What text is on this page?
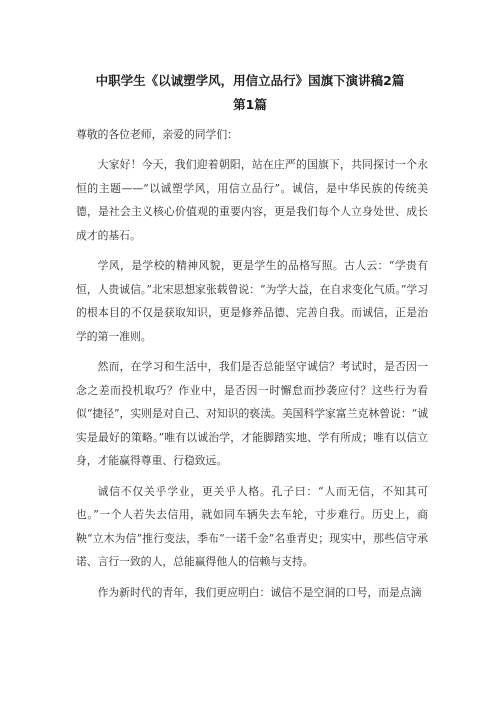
中职学生《以诚塑学风，用信立品行》国旗下演讲稿2篇
第1篇

尊敬的各位老师，亲爱的同学们：

大家好！今天，我们迎着朝阳，站在庄严的国旗下，共同探讨一个永恒的主题——“以诚塑学风，用信立品行”。诚信，是中华民族的传统美德，是社会主义核心价值观的重要内容，更是我们每个人立身处世、成长成才的基石。

学风，是学校的精神风貌，更是学生的品格写照。古人云：“学贵有恒，人贵诚信。”北宋思想家张载曾说：“为学大益，在自求变化气质。”学习的根本目的不仅是获取知识，更是修养品德、完善自我。而诚信，正是治学的第一准则。

然而，在学习和生活中，我们是否总能坚守诚信？考试时，是否因一念之差而投机取巧？作业中，是否因一时懈怠而抄袭应付？这些行为看似“捷径”，实则是对自己、对知识的亵渎。美国科学家富兰克林曾说：“诚实是最好的策略。”唯有以诚治学，才能脚踏实地、学有所成；唯有以信立身，才能赢得尊重、行稳致远。

诚信不仅关乎学业，更关乎人格。孔子曰：“人而无信，不知其可也。”一个人若失去信用，就如同车辆失去车轮，寸步难行。历史上，商鞅“立木为信”推行变法，季布“一诺千金”名垂青史；现实中，那些信守承诺、言行一致的人，总能赢得他人的信赖与支持。

作为新时代的青年，我们更应明白：诚信不是空洞的口号，而是点滴
